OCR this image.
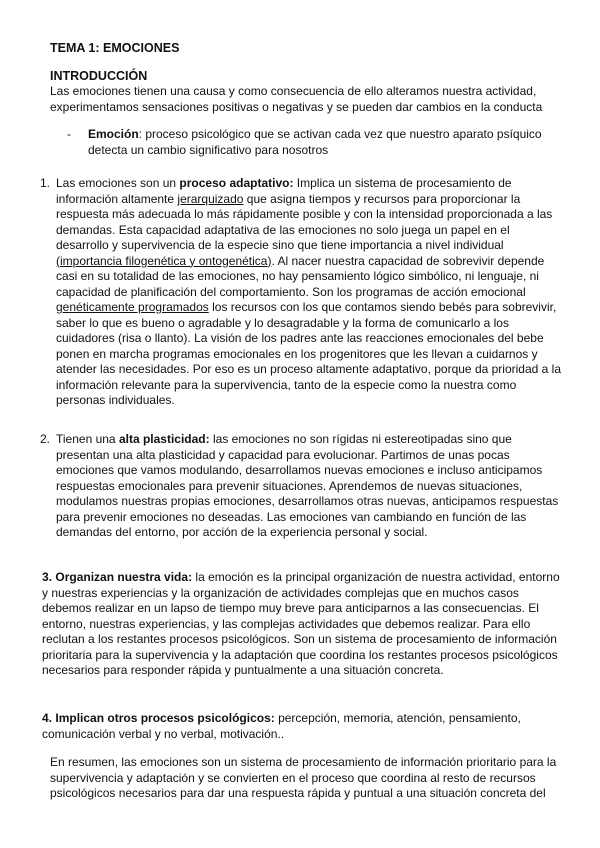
TEMA 1: EMOCIONES
INTRODUCCIÓN

Las emociones tienen una causa y como consecuencia de ello alteramos nuestra actividad, experimentamos sensaciones positivas o negativas y se pueden dar cambios en la conducta

- Emoción: proceso psicológico que se activan cada vez que nuestro aparato psíquico detecta un cambio significativo para nosotros
1. Las emociones son un proceso adaptativo: Implica un sistema de procesamiento de información altamente jerarquizado que asigna tiempos y recursos para proporcionar la respuesta más adecuada lo más rápidamente posible y con la intensidad proporcionada a las demandas. Esta capacidad adaptativa de las emociones no solo juega un papel en el desarrollo y supervivencia de la especie sino que tiene importancia a nivel individual (importancia filogenética y ontogenética). Al nacer nuestra capacidad de sobrevivir depende casi en su totalidad de las emociones, no hay pensamiento lógico simbólico, ni lenguaje, ni capacidad de planificación del comportamiento. Son los programas de acción emocional genéticamente programados los recursos con los que contamos siendo bebés para sobrevivir, saber lo que es bueno o agradable y lo desagradable y la forma de comunicarlo a los cuidadores (risa o llanto). La visión de los padres ante las reacciones emocionales del bebe ponen en marcha programas emocionales en los progenitores que les llevan a cuidarnos y atender las necesidades. Por eso es un proceso altamente adaptativo, porque da prioridad a la información relevante para la supervivencia, tanto de la especie como la nuestra como personas individuales.
2. Tienen una alta plasticidad: las emociones no son rígidas ni estereotipadas sino que presentan una alta plasticidad y capacidad para evolucionar. Partimos de unas pocas emociones que vamos modulando, desarrollamos nuevas emociones e incluso anticipamos respuestas emocionales para prevenir situaciones. Aprendemos de nuevas situaciones, modulamos nuestras propias emociones, desarrollamos otras nuevas, anticipamos respuestas para prevenir emociones no deseadas. Las emociones van cambiando en función de las demandas del entorno, por acción de la experiencia personal y social.
3. Organizan nuestra vida: la emoción es la principal organización de nuestra actividad, entorno y nuestras experiencias y la organización de actividades complejas que en muchos casos debemos realizar en un lapso de tiempo muy breve para anticiparnos a las consecuencias. El entorno, nuestras experiencias, y las complejas actividades que debemos realizar. Para ello reclutan a los restantes procesos psicológicos. Son un sistema de procesamiento de información prioritaria para la supervivencia y la adaptación que coordina los restantes procesos psicológicos necesarios para responder rápida y puntualmente a una situación concreta.
4. Implican otros procesos psicológicos: percepción, memoria, atención, pensamiento, comunicación verbal y no verbal, motivación..

En resumen, las emociones son un sistema de procesamiento de información prioritario para la supervivencia y adaptación y se convierten en el proceso que coordina al resto de recursos psicológicos necesarios para dar una respuesta rápida y puntual a una situación concreta del
